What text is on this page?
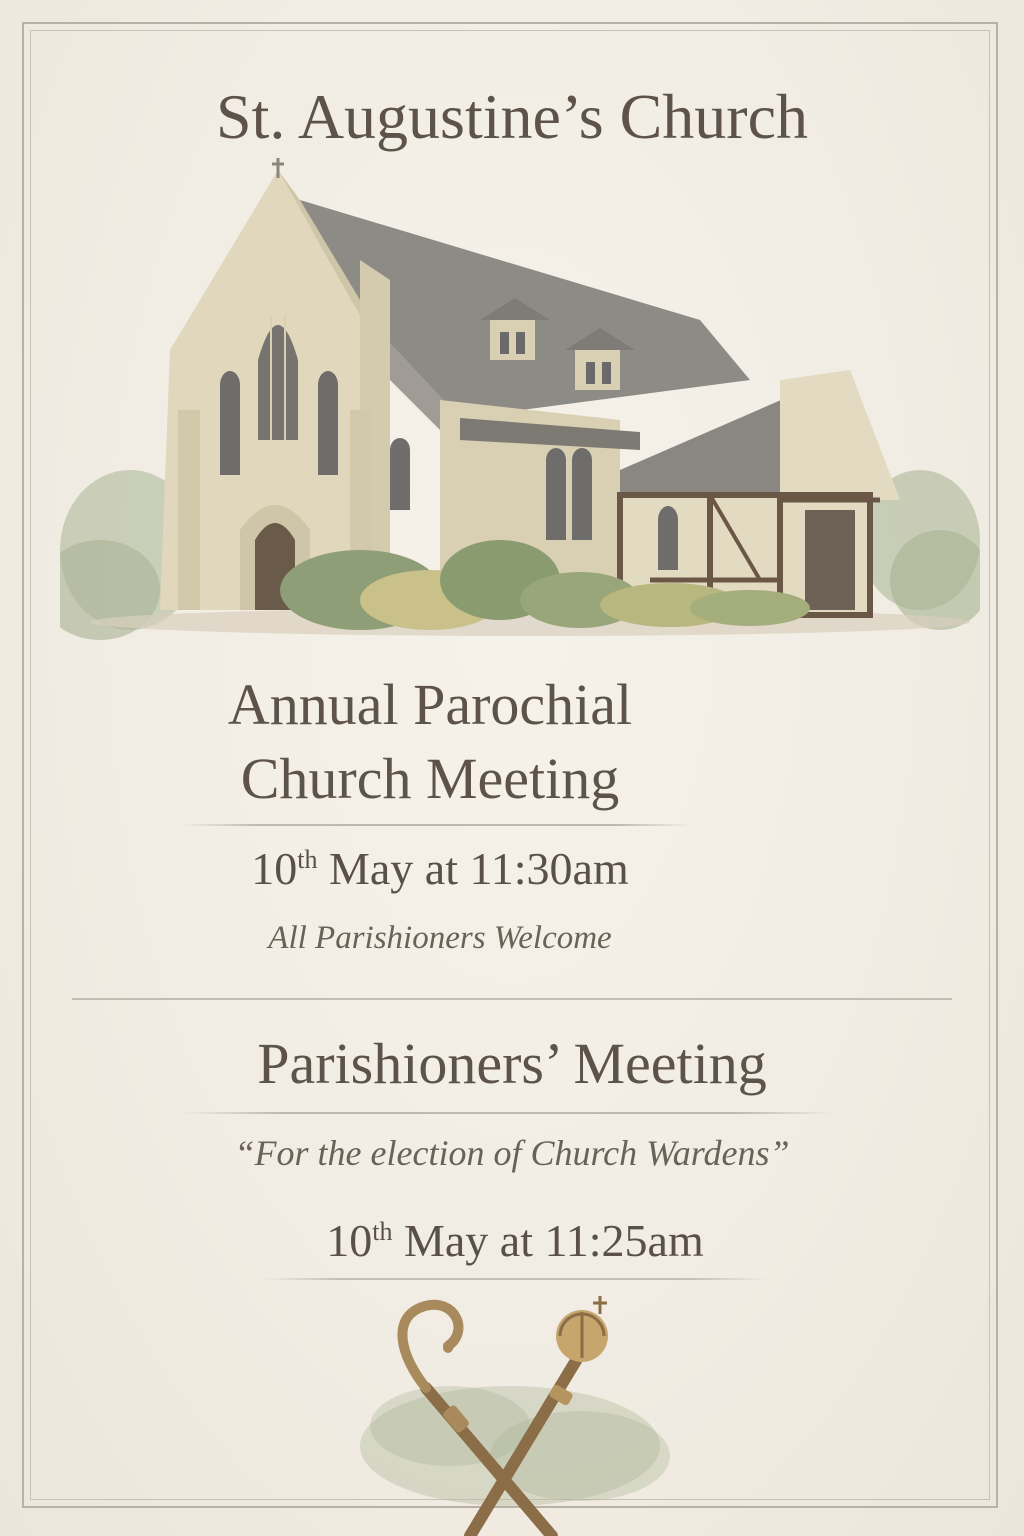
St. Augustine’s Church
Annual Parochial
Church Meeting
10th May at 11:30am
All Parishioners Welcome
Parishioners’ Meeting
“For the election of Church Wardens”
10th May at 11:25am
